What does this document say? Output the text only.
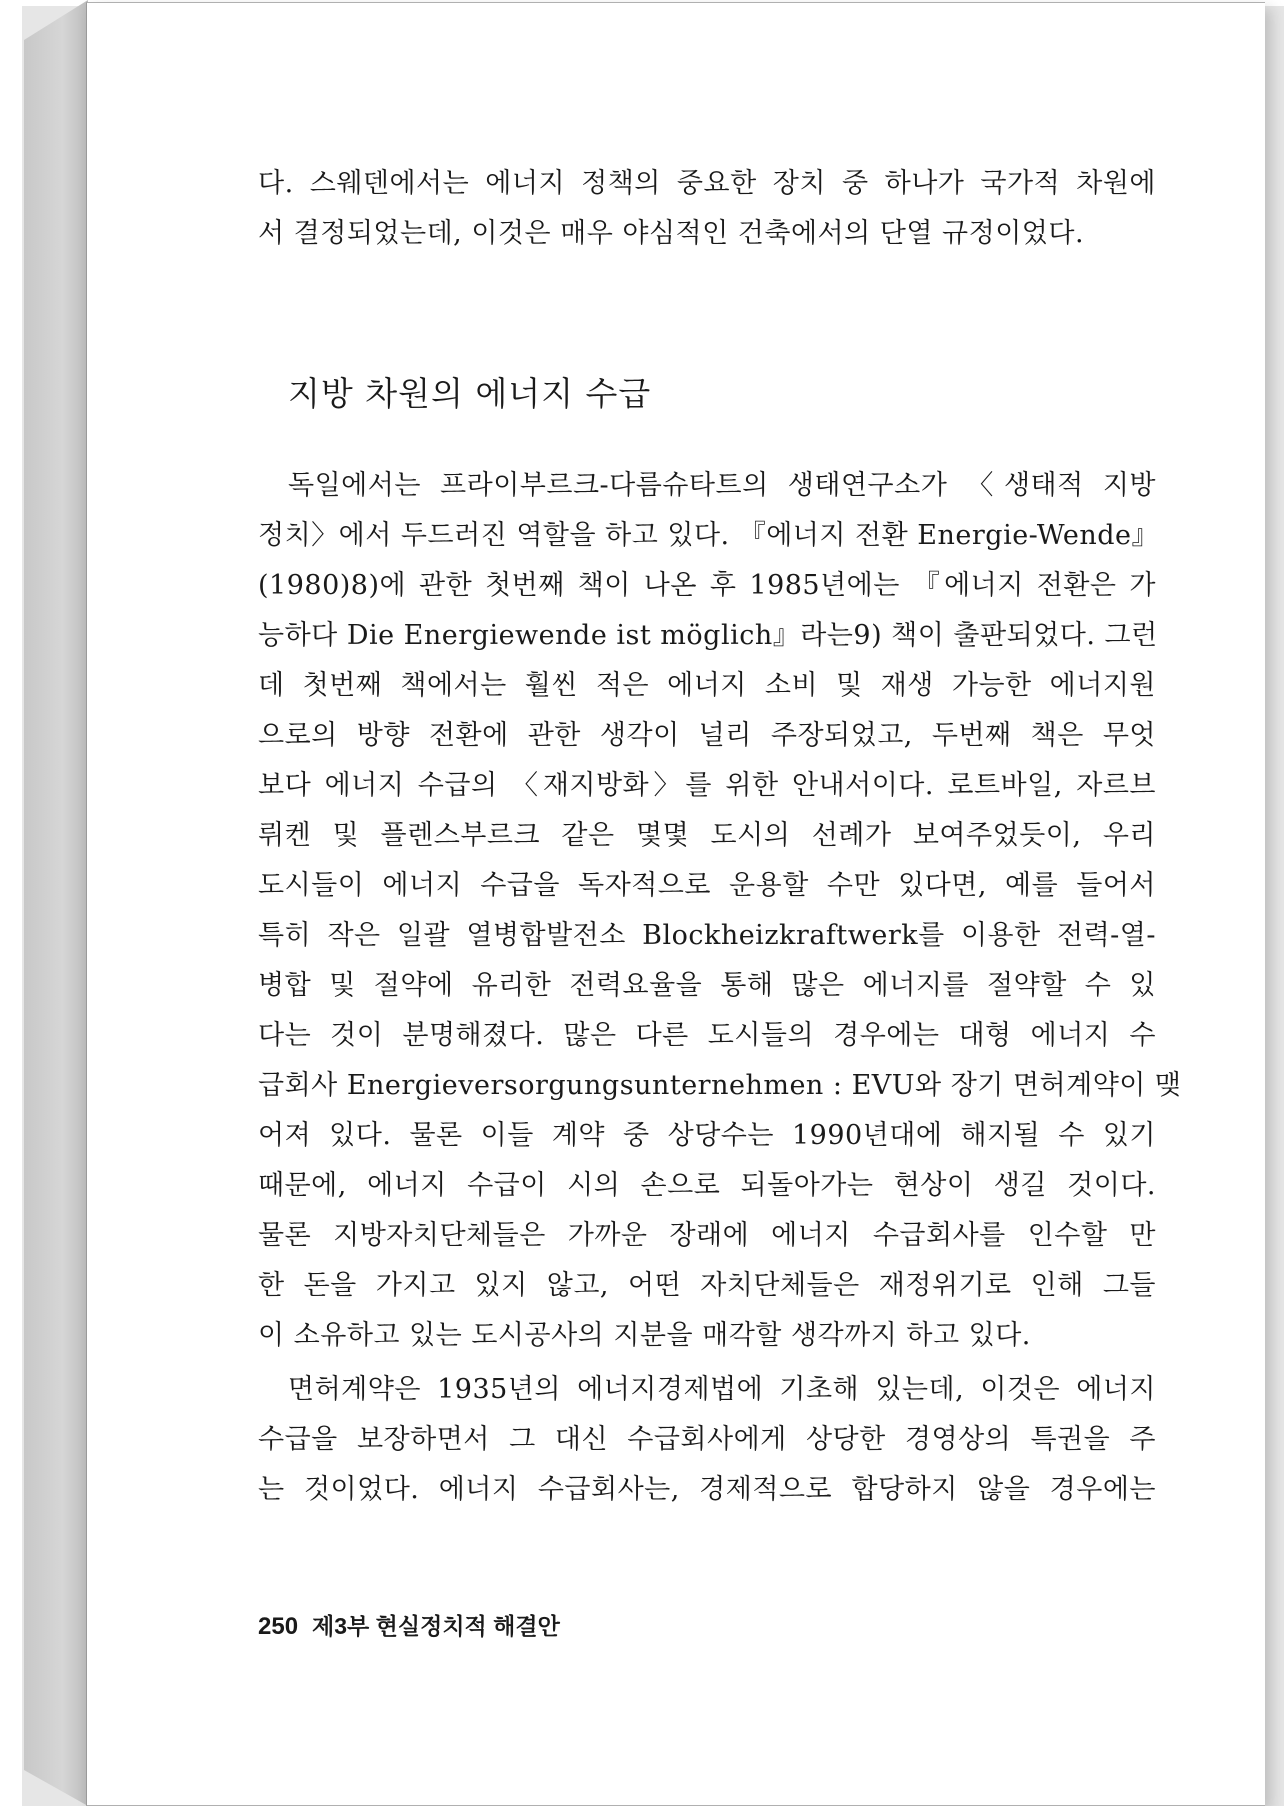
다. 스웨덴에서는 에너지 정책의 중요한 장치 중 하나가 국가적 차원에
서 결정되었는데, 이것은 매우 야심적인 건축에서의 단열 규정이었다.
지방 차원의 에너지 수급
독일에서는 프라이부르크-다름슈타트의 생태연구소가 〈생태적 지방
정치〉에서 두드러진 역할을 하고 있다. 『에너지 전환 Energie-Wende』
(1980)8)에 관한 첫번째 책이 나온 후 1985년에는 『에너지 전환은 가
능하다 Die Energiewende ist möglich』라는9) 책이 출판되었다. 그런
데 첫번째 책에서는 훨씬 적은 에너지 소비 및 재생 가능한 에너지원
으로의 방향 전환에 관한 생각이 널리 주장되었고, 두번째 책은 무엇
보다 에너지 수급의 〈재지방화〉를 위한 안내서이다. 로트바일, 자르브
뤼켄 및 플렌스부르크 같은 몇몇 도시의 선례가 보여주었듯이, 우리
도시들이 에너지 수급을 독자적으로 운용할 수만 있다면, 예를 들어서
특히 작은 일괄 열병합발전소 Blockheizkraftwerk를 이용한 전력-열-
병합 및 절약에 유리한 전력요율을 통해 많은 에너지를 절약할 수 있
다는 것이 분명해졌다. 많은 다른 도시들의 경우에는 대형 에너지 수
급회사 Energieversorgungsunternehmen : EVU와 장기 면허계약이 맺
어져 있다. 물론 이들 계약 중 상당수는 1990년대에 해지될 수 있기
때문에, 에너지 수급이 시의 손으로 되돌아가는 현상이 생길 것이다.
물론 지방자치단체들은 가까운 장래에 에너지 수급회사를 인수할 만
한 돈을 가지고 있지 않고, 어떤 자치단체들은 재정위기로 인해 그들
이 소유하고 있는 도시공사의 지분을 매각할 생각까지 하고 있다.
면허계약은 1935년의 에너지경제법에 기초해 있는데, 이것은 에너지
수급을 보장하면서 그 대신 수급회사에게 상당한 경영상의 특권을 주
는 것이었다. 에너지 수급회사는, 경제적으로 합당하지 않을 경우에는
250 제3부 현실정치적 해결안
